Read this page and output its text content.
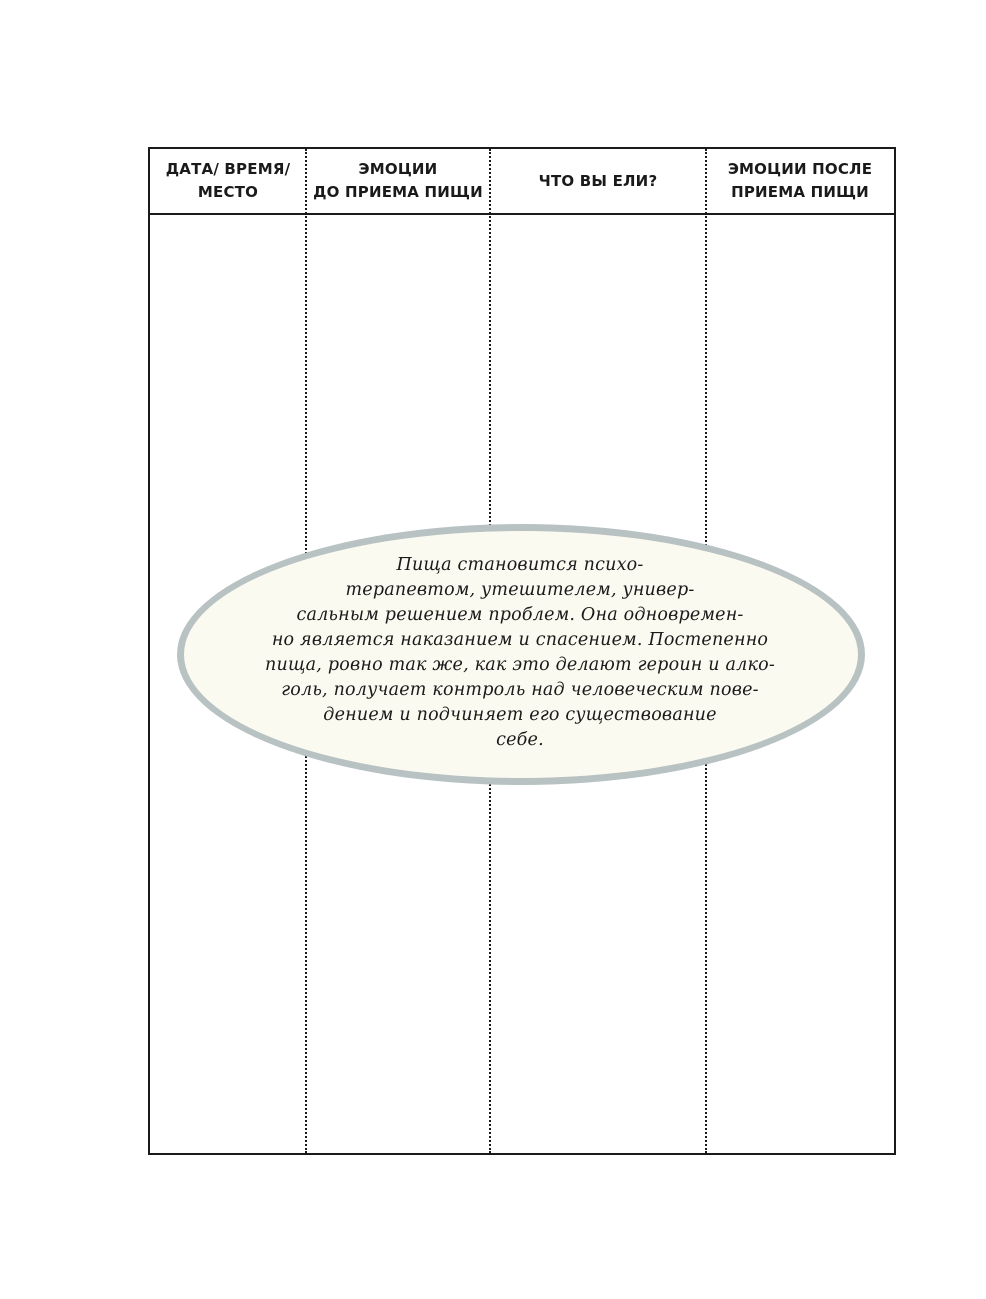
ДАТА/ ВРЕМЯ/
МЕСТО
ЭМОЦИИ
ДО ПРИЕМА ПИЩИ
ЧТО ВЫ ЕЛИ?
ЭМОЦИИ ПОСЛЕ
ПРИЕМА ПИЩИ
Пища становится психо-
терапевтом, утешителем, универ-
сальным решением проблем. Она одновремен-
но является наказанием и спасением. Постепенно
пища, ровно так же, как это делают героин и алко-
голь, получает контроль над человеческим пове-
дением и подчиняет его существование
себе.
